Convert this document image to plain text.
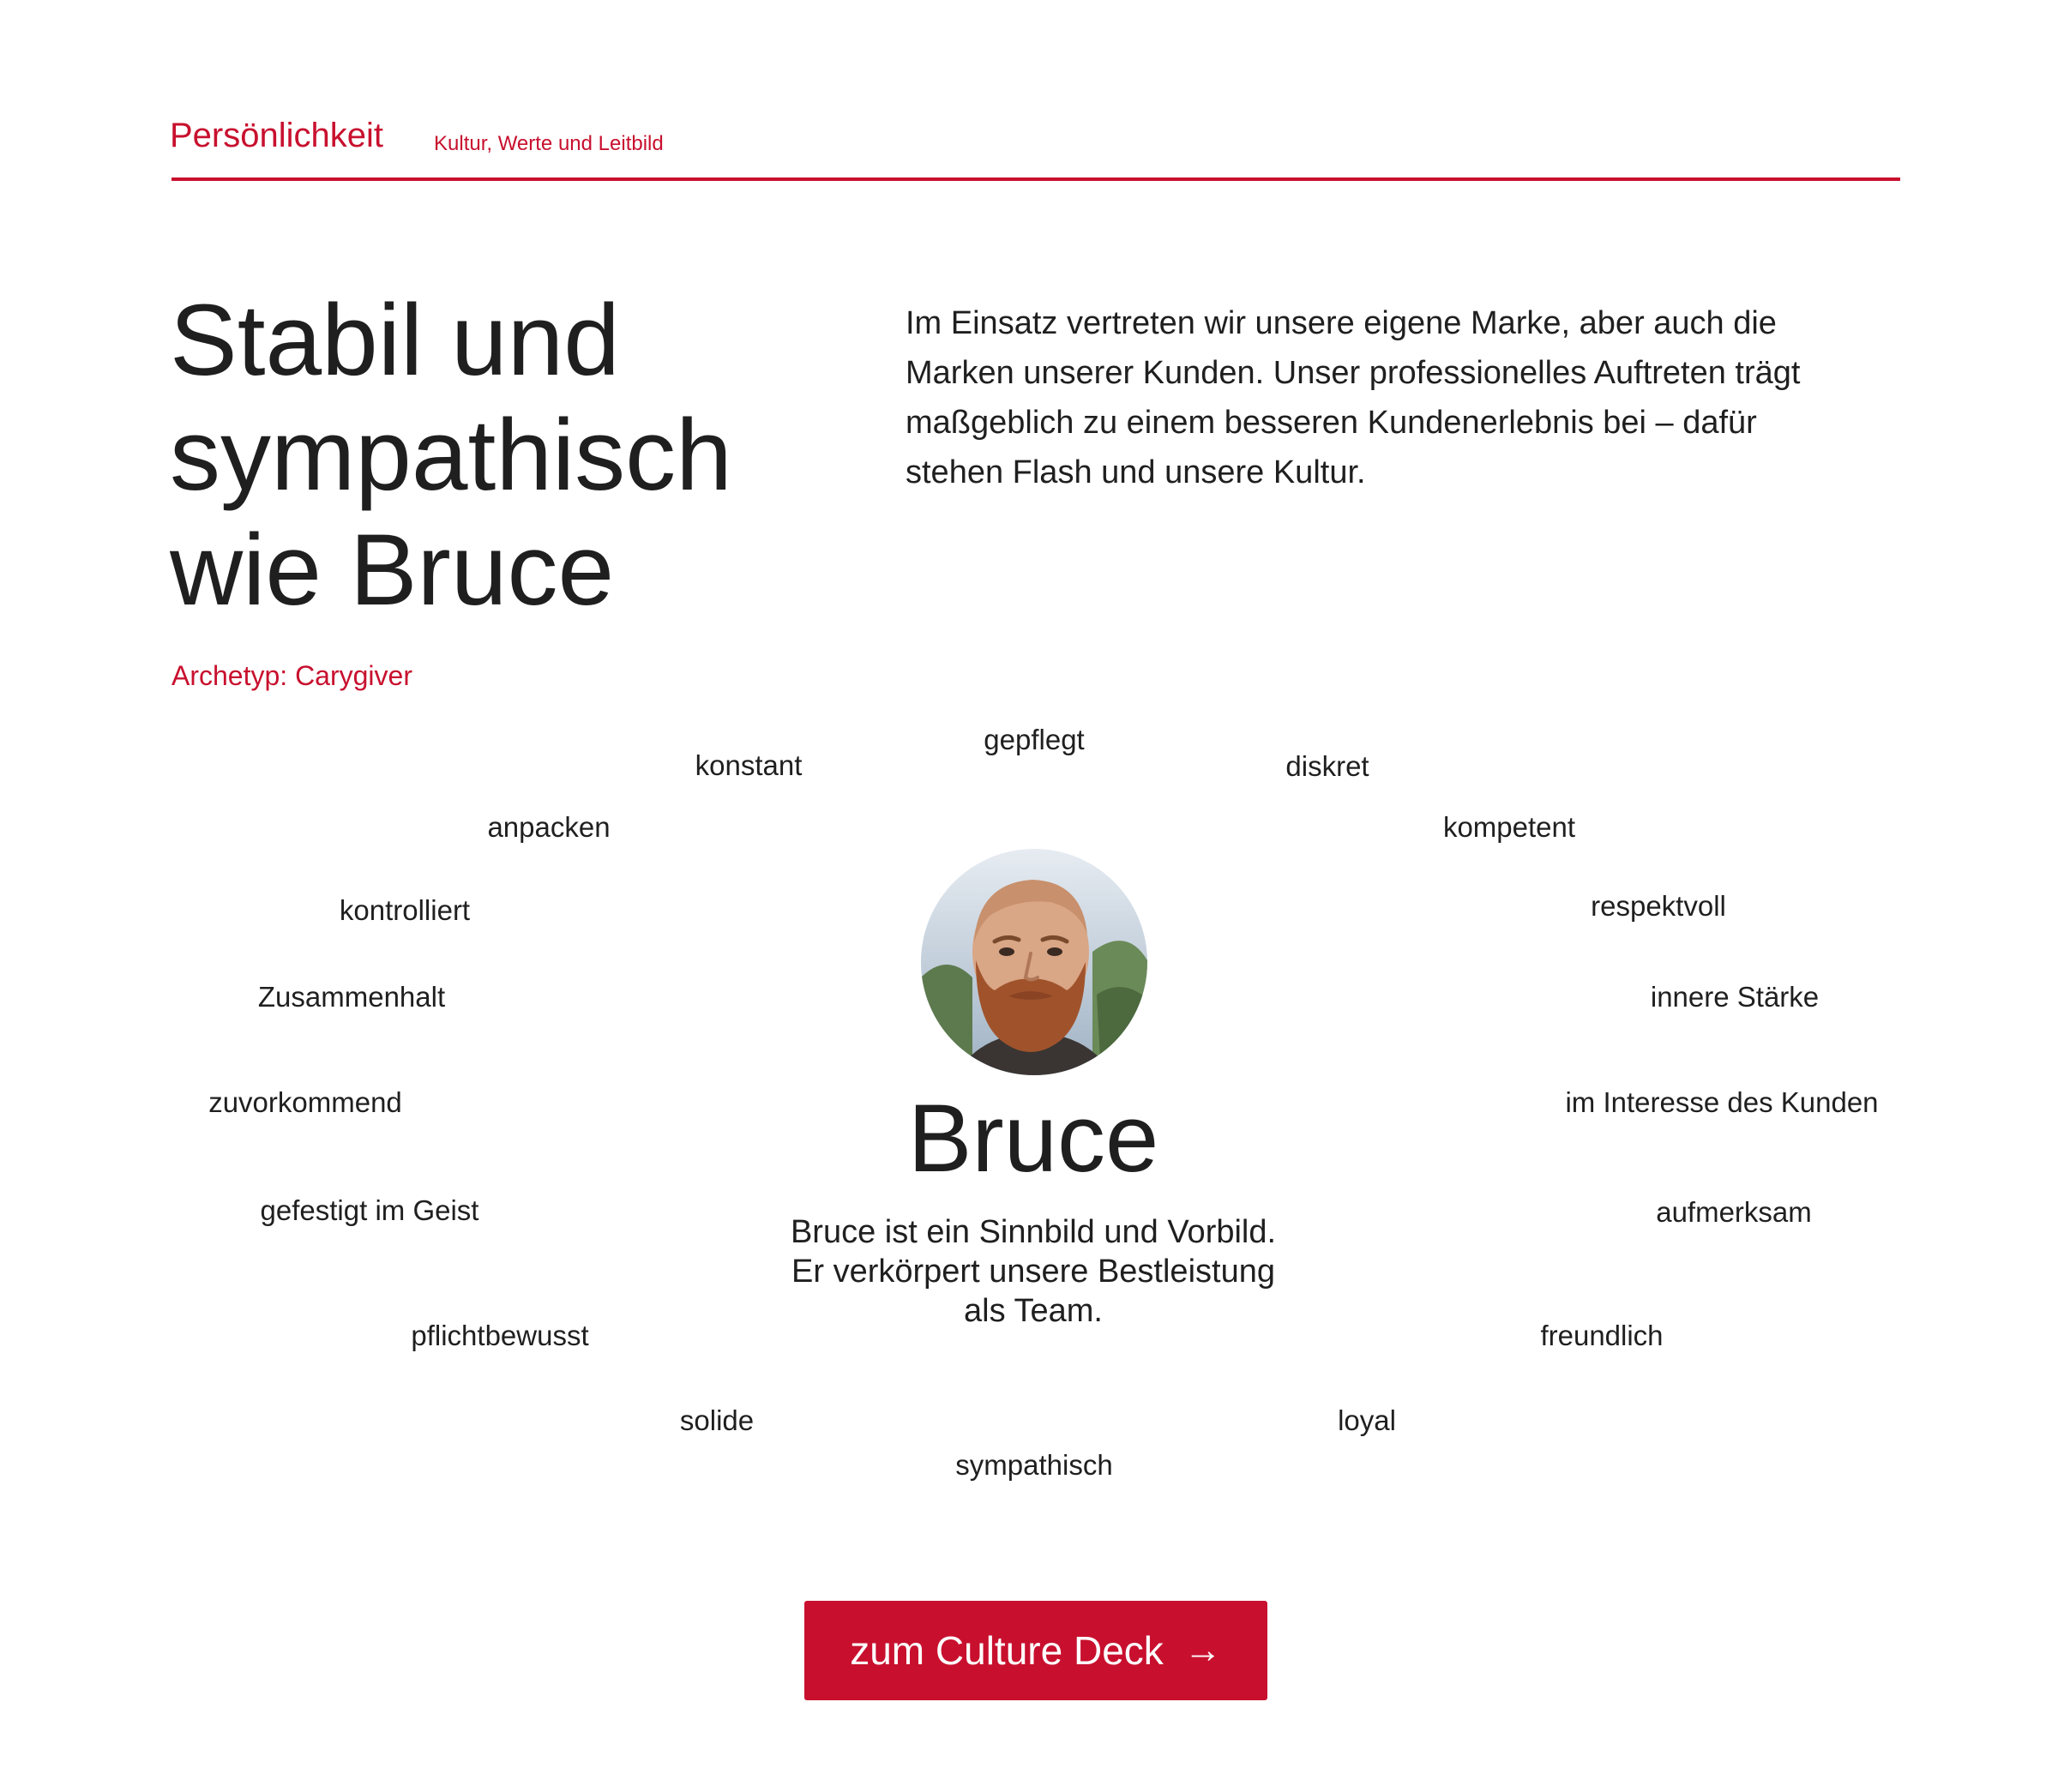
Persönlichkeit Kultur, Werte und Leitbild
Stabil und
sympathisch
wie Bruce
Archetyp: Carygiver

Im Einsatz vertreten wir unsere eigene Marke, aber auch die
Marken unserer Kunden. Unser professionelles Auftreten trägt
maßgeblich zu einem besseren Kundenerlebnis bei – dafür
stehen Flash und unsere Kultur.

gepflegt
konstant	diskret
anpacken	kompetent
kontrolliert	respektvoll
Zusammenhalt	innere Stärke
zuvorkommend	im Interesse des Kunden
gefestigt im Geist	aufmerksam
pflichtbewusst	freundlich
solide	loyal
sympathisch
Bruce

Bruce ist ein Sinnbild und Vorbild.
Er verkörpert unsere Bestleistung
als Team.

zum Culture Deck →
